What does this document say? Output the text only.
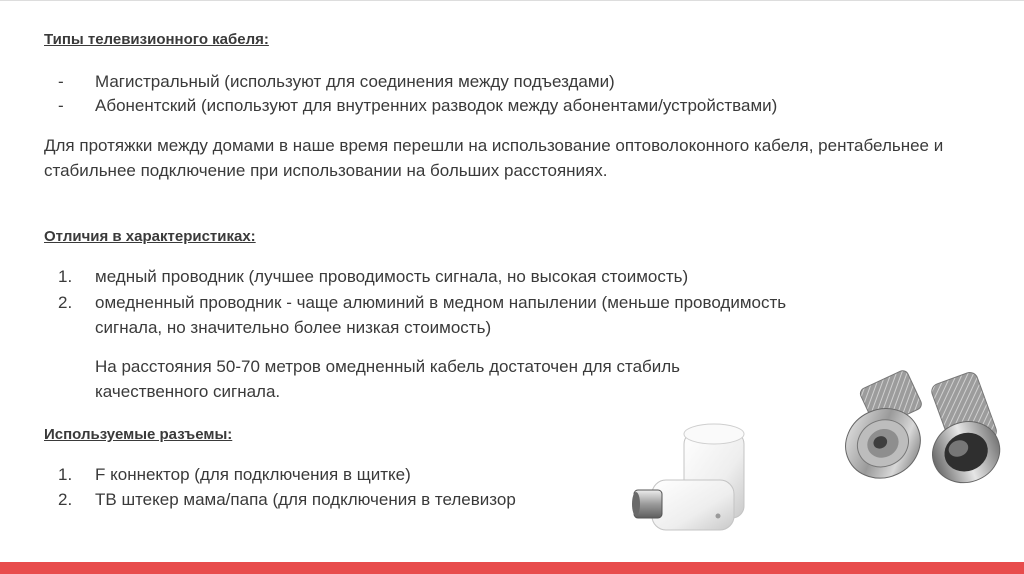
Типы телевизионного кабеля:
- Магистральный (используют для соединения между подъездами)
- Абонентский (используют для внутренних разводок между абонентами/устройствами)
Для протяжки между домами в наше время перешли на использование оптоволоконного кабеля, рентабельнее и стабильнее подключение при использовании на больших расстояниях.
Отличия в характеристиках:
1. медный проводник (лучшее проводимость сигнала, но высокая стоимость)
2. омедненный проводник - чаще алюминий в медном напылении (меньше проводимость
сигнала, но значительно более низкая стоимость)
На расстояния 50-70 метров омедненный кабель достаточен для стабиль
качественного сигнала.
Используемые разъемы:
1. F коннектор (для подключения в щитке)
2. ТВ штекер мама/папа (для подключения в телевизор
